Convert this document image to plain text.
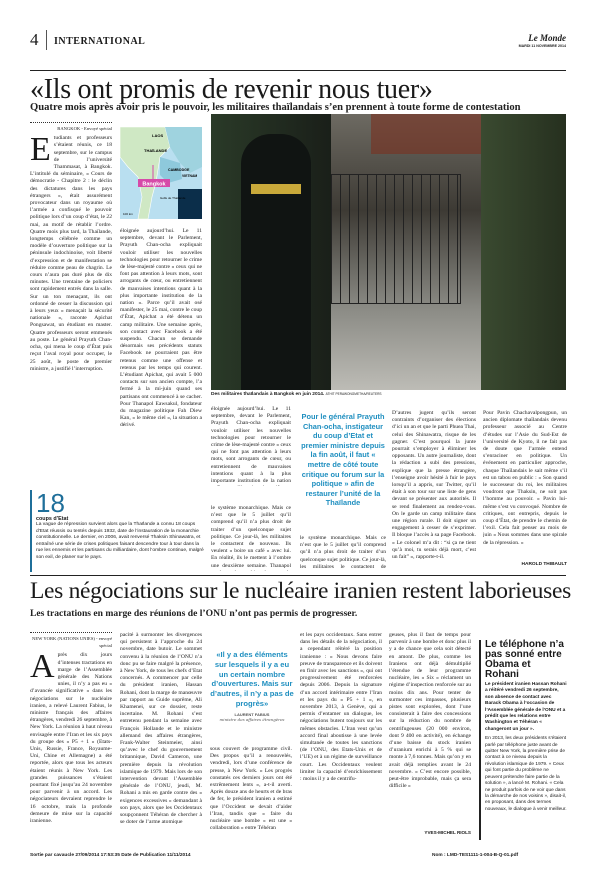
4 INTERNATIONAL	Le Monde
MARDI 11 NOVEMBRE 2014
«Ils ont promis de revenir nous tuer»
Quatre mois après avoir pris le pouvoir, les militaires thaïlandais s’en prennent à toute forme de contestation
BANGKOK - Envoyé spécial
E tudiants et professeurs s’étaient réunis, ce 18 septembre, sur le campus de l’université Thammasat, à Bangkok. L’intitulé du séminaire, « Cours de démocratie - Chapitre 2 : le déclin des dictatures dans les pays étrangers », était assurément provocateur dans un royaume où l’armée a confisqué le pouvoir politique lors d’un coup d’état, le 22 mai, au motif de rétablir l’ordre. Quatre mois plus tard, la Thaïlande, longtemps célébrée comme un modèle d’ouverture politique sur la péninsule indochinoise, voit liberté d’expression et de manifestation se réduire comme peau de chagrin. Le cours n’aura pas duré plus de dix minutes. Une trentaine de policiers sont rapidement entrés dans la salle. Sur un ton menaçant, ils ont ordonné de cesser la discussion qui à leurs yeux « menaçait la sécurité nationale », raconte Apichat Pongsawat, un étudiant en master. Quatre professeurs seront emmenés au poste. Le général Prayuth Chan-ocha, qui mena le coup d’État puis reçut l’aval royal pour occuper, le 25 août, le poste de premier ministre, a justifié l’interruption.
Bangkok
LAOS
THAÏLANDE
CAMBODGE
VIETNAM
Golfe de Thaïlande
100 km
éloignée aujourd’hui. Le 11 septembre, devant le Parlement, Prayuth Chan-ocha expliquait vouloir utiliser les nouvelles technologies pour retourner le crime de lèse-majesté contre « ceux qui ne font pas attention à leurs mots, sont arrogants de cœur, ou entretiennent de mauvaises intentions quant à la plus importante institution de la nation ». Parce qu’il avait osé manifester, le 25 mai, contre le coup d’État, Apichat a été détenu un camp militaire. Une semaine après, son contact avec Facebook a été suspendu. Chacun se demande désormais ses précédents statuts Facebook ne pourraient pas être retenus comme une offense et retenus par les temps qui courent. L’étudiant Apichat, qui avait 5 000 contacts sur son ancien compte, l’a fermé à la mi-juin quand ses partisans ont commencé à se cacher. Pour Thanapol Eawsakul, fondateur du magazine politique Fah Diew Kan, « le même ciel », la situation a dérivé.
Des militaires thaïlandais à Bangkok en juin 2014. ATHIT PERAWONGMETHA/REUTERS
éloignée aujourd’hui. Le 11 septembre, devant le Parlement, Prayuth Chan-ocha expliquait vouloir utiliser les nouvelles technologies pour retourner le crime de lèse-majesté contre « ceux qui ne font pas attention à leurs mots, sont arrogants de cœur, ou entretiennent de mauvaises intentions quant à la plus importante institution de la nation
le système monarchique. Mais ce n’est que le 5 juillet qu’il comprend qu’il n’a plus droit de traiter d’un quelconque sujet politique. Ce jour-là, les militaires le contactent de nouveau. Ils veulent « boire un café » avec lui. En réalité, ils le mettent à l’ombre une deuxième semaine. Thanapol
18
coups d’Etat
La vague de répression survient alors que la Thaïlande a connu 18 coups d’Etat réussis ou tentés depuis 1932, date de l’instauration de la monarchie constitutionnelle. Le dernier, en 2006, avait renversé Thaksin Shinawatra, et entraîné une série de crises politiques faisant descendre tour à tour dans la rue les ennemis et les partisans du milliardaire, dont l’ombre continue, malgré son exil, de planer sur le pays.
Pour le général Prayuth Chan-ocha, instigateur du coup d’Etat et premier ministre depuis la fin août, il faut « mettre de côté toute critique ou forum sur la politique » afin de restaurer l’unité de la Thaïlande
le système monarchique. Mais ce n’est que le 5 juillet qu’il comprend qu’il n’a plus droit de traiter d’un quelconque sujet politique. Ce jour-là, les militaires le contactent de
D’autres jugent qu’ils seront contraints d’organiser des élections d’ici un an et que le parti Phuea Thai, celui des Shinawatra, risque de les gagner. C’est pourquoi la junte pourrait s’employer à éliminer les opposants. Un autre journaliste, dont la rédaction a subi des pressions, explique que la presse étrangère, l’enseigne avoir hésité à fuir le pays lorsqu’il a appris, sur Twitter, qu’il était à son tour sur une liste de gens devant se présenter aux autorités. Il se rend finalement au rendez-vous. On le garde un camp militaire dans une région rurale. Il doit signer un engagement à cesser de s’exprimer. Il bloque l’accès à sa page Facebook. « Le colonel m’a dit : “si ça ne tient qu’à moi, tu serais déjà mort, c’est un fait” », rapporte-t-il.
Pour Pavin Chachavalpongpun, un ancien diplomate thaïlandais devenu professeur associé au Centre d’études sur l’Asie du Sud-Est de l’université de Kyoto, il ne fait pas de doute que l’armée entend s’enraciner en politique. Un événement en particulier approche, chaque Thaïlandais le sait même s’il est un tabou en public : « Son quand le successeur du roi, les militaires voudront que Thaksin, ne soit pas l’homme au pouvoir. » Pavin lui-même s’est vu convoqué. Nombre de critiques, ont entrepris, depuis le coup d’État, de prendre le chemin de l’exil. Cela fait penser au mois de juin « Nous sommes dans une spirale de la répression. »
HAROLD THIBAULT
Les négociations sur le nucléaire iranien restent laborieuses
Les tractations en marge des réunions de l’ONU n’ont pas permis de progresser.
NEW YORK (NATIONS UNIES) - envoyé spécial
A près dix jours d’intenses tractations en marge de l’Assemblée générale des Nations unies, il n’y a pas eu « d’avancée significative » dans les négociations sur le nucléaire iranien, a relevé Laurent Fabius, le ministre français des affaires étrangères, vendredi 26 septembre, à New York. La réunion à haut niveau envisagée entre l’Iran et les six pays du groupe des « P5 + 1 » (Etats-Unis, Russie, France, Royaume-Uni, Chine et Allemagne) a été reportée, alors que tous les acteurs étaient réunis à New York. Les grandes puissances s’étaient pourtant fixé jusqu’au 24 novembre pour parvenir à un accord. Les négociateurs devraient reprendre le 16 octobre, mais la profonde demeure de mise sur la capacité iranienne.
pacité à surmonter les divergences qui persistent à l’approche du 24 novembre, date butoir. Le sommet convenu à la réunion de l’ONU n’a donc pu se faire malgré la présence, à New York, de tous les chefs d’Etat concernés. A commencer par celle du président iranien, Hassan Rohani, dont la marge de manœuvre par rapport au Guide suprême, Ali Khamenei, sur ce dossier, reste incertaine. M. Rohani s’est entretenu pendant la semaine avec François Hollande et le ministre allemand des affaires étrangères, Frank-Walter Steinmeier, ainsi qu’avec le chef du gouvernement britannique, David Cameron, une première depuis la révolution islamique de 1979. Mais lors de son intervention devant l’Assemblée générale de l’ONU, jeudi, M. Rohani a mis en garde contre des « exigences excessives » demandant à son pays, alors que les Occidentaux soupçonnent Téhéran de chercher à se doter de l’arme atomique
«Il y a des éléments sur lesquels il y a eu un certain nombre d’ouvertures. Mais sur d’autres, il n’y a pas de progrès»
LAURENT FABIUS
ministre des affaires étrangères
sous couvert de programme civil. Des propos qu’il a renouvelés, vendredi, lors d’une conférence de presse, à New York. « Les progrès constatés ces derniers jours ont été extrêmement lents », a-t-il averti. Après douze ans de heurts et de bras de fer, le président iranien a estimé que l’Occident se devait d’aider l’Iran, tandis que « faire du nucléaire une bombe » est une « collaboration » entre Téhéran
et les pays occidentaux. Sans entrer dans les détails de la négociation, il a cependant réitéré la position iranienne : « Nous devons faire preuve de transparence et ils doivent en finir avec les sanctions », qui ont progressivement été renforcées depuis 2006. Depuis la signature d’un accord intérimaire entre l’Iran et les pays du « P5 + 1 », en novembre 2013, à Genève, qui a permis d’entamer un dialogue, les négociations butent toujours sur les mêmes obstacles. L’Iran veut qu’un accord final aboutisse à une levée simultanée de toutes les sanctions (de l’ONU, des Etats-Unis et de l’UE) et à un régime de surveillance court. Les Occidentaux veulent limiter la capacité d’enrichissement : moins il y a de centrifu-
geuses, plus il faut de temps pour parvenir à une bombe et donc plus il y a de chance que cela soit détecté en amont. De plus, comme les Iraniens ont déjà démultiplié l’étendue de leur programme nucléaire, les « Six » réclament un régime d’inspection renforcée sur au moins dix ans. Pour tenter de surmonter ces impasses, plusieurs pistes sont explorées, dont l’une consisterait à faire des concessions sur la réduction du nombre de centrifugeuses (20 000 environ, dont 9 400 en activité), en échange d’une baisse du stock iranien d’uranium enrichi à 5 % qui se monte à 7,6 tonnes. Mais qu’on y en avait déjà remplies avant le 24 novembre. « C’est encore possible, peut-être improbable, mais ça sera difficile »
YVES-MICHEL RIOLS
Le téléphone n’a pas sonné entre Obama et Rohani

Le président iranien Hassan Rohani a réitéré vendredi 26 septembre, son absence de contact avec Barack Obama à l’occasion de l’Assemblée générale de l’ONU et a prédit que les relations entre Washington et Téhéran « changeront un jour ».

En 2013, les deux présidents s’étaient parlé par téléphone juste avant de quitter New York, la première prise de contact à ce niveau depuis la révolution islamique de 1979. « Ceux qui font partie du problème ne peuvent prétendre faire partie de la solution », a lancé M. Rohani. « Cela ne produit parfois de ne voir que dans la démarche de nos voisins », disait-il, en proposant, dans des termes nouveaux, le dialogue à venir meilleur.

Sortie par cavaucle 27/09/2014 17:53:35 Date de Publication 11/11/2014	Nom : LMD-TES1111-1-004-B-Q-01.pdf
